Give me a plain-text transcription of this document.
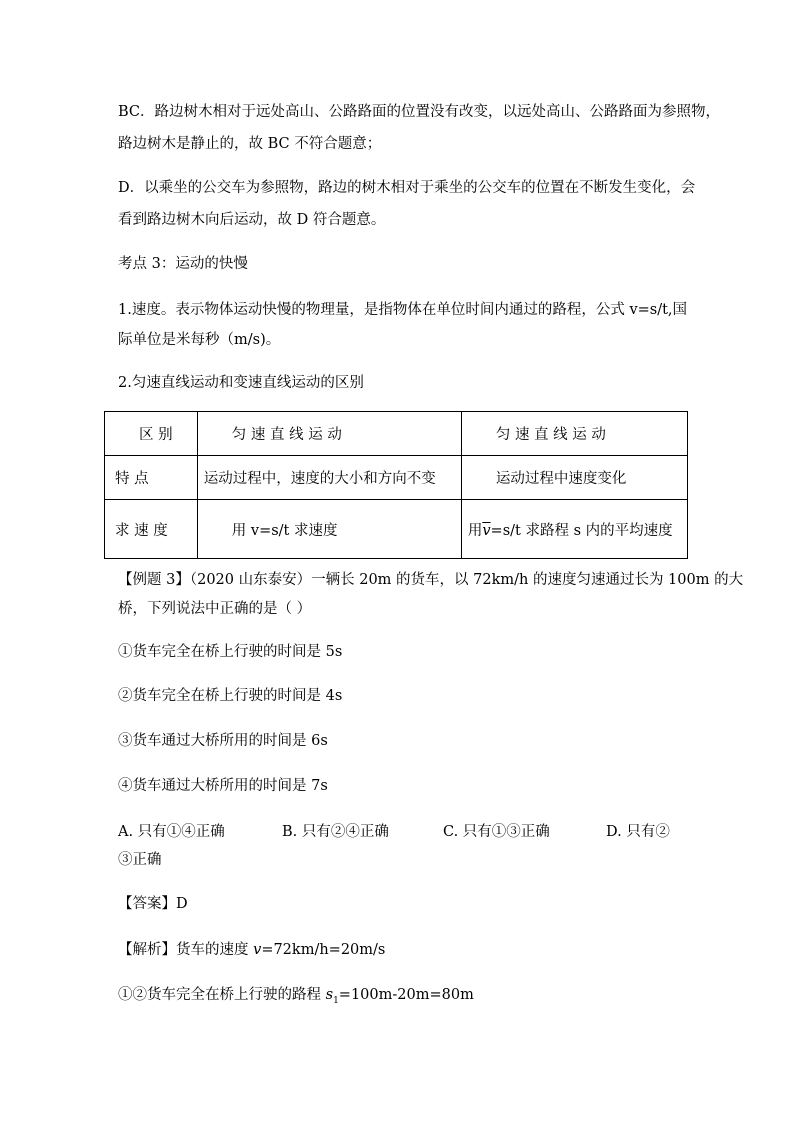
BC．路边树木相对于远处高山、公路路面的位置没有改变，以远处高山、公路路面为参照物，
路边树木是静止的，故 BC 不符合题意；
D．以乘坐的公交车为参照物，路边的树木相对于乘坐的公交车的位置在不断发生变化，会
看到路边树木向后运动，故 D 符合题意。
考点 3：运动的快慢
1.速度。表示物体运动快慢的物理量，是指物体在单位时间内通过的路程，公式 v=s/t,国
际单位是米每秒（m/s)。
2.匀速直线运动和变速直线运动的区别
区 别	匀 速 直 线 运 动	匀 速 直 线 运 动

特 点	运动过程中，速度的大小和方向不变	运动过程中速度变化

求 速 度	用 v=s/t 求速度	用$\overline{v}=s/t$ 求路程 s 内的平均速度
【例题 3】（2020 山东泰安）一辆长 20m 的货车，以 72km/h 的速度匀速通过长为 100m 的大
桥，下列说法中正确的是（ ）
①货车完全在桥上行驶的时间是 5s
②货车完全在桥上行驶的时间是 4s
③货车通过大桥所用的时间是 6s
④货车通过大桥所用的时间是 7s
A. 只有①④正确	B. 只有②④正确	C. 只有①③正确	D. 只有②
③正确
【答案】D
【解析】货车的速度 v=72km/h=20m/s
①②货车完全在桥上行驶的路程 $s_1=100m-20m=80m$
